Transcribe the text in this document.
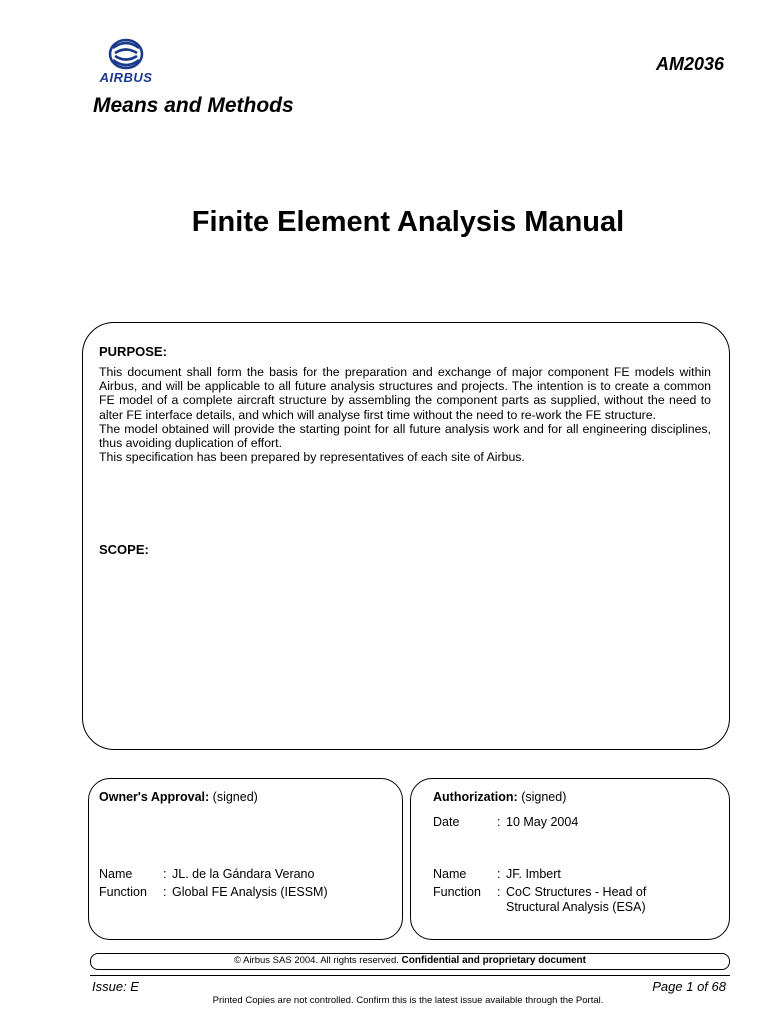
AIRBUS
AM2036
Means and Methods
Finite Element Analysis Manual
PURPOSE:

This document shall form the basis for the preparation and exchange of major component FE models within Airbus, and will be applicable to all future analysis structures and projects. The intention is to create a common FE model of a complete aircraft structure by assembling the component parts as supplied, without the need to alter FE interface details, and which will analyse first time without the need to re-work the FE structure.

The model obtained will provide the starting point for all future analysis work and for all engineering disciplines, thus avoiding duplication of effort.

This specification has been prepared by representatives of each site of Airbus.

SCOPE:
Owner's Approval: (signed)
Name : JL. de la Gándara Verano
Function : Global FE Analysis (IESSM)
Authorization: (signed)
Date	: 10 May 2004
Name : JF. Imbert
Function : CoC Structures - Head of
Structural Analysis (ESA)
© Airbus SAS 2004. All rights reserved. Confidential and proprietary document
Issue: E	Page 1 of 68
Printed Copies are not controlled. Confirm this is the latest issue available through the Portal.
